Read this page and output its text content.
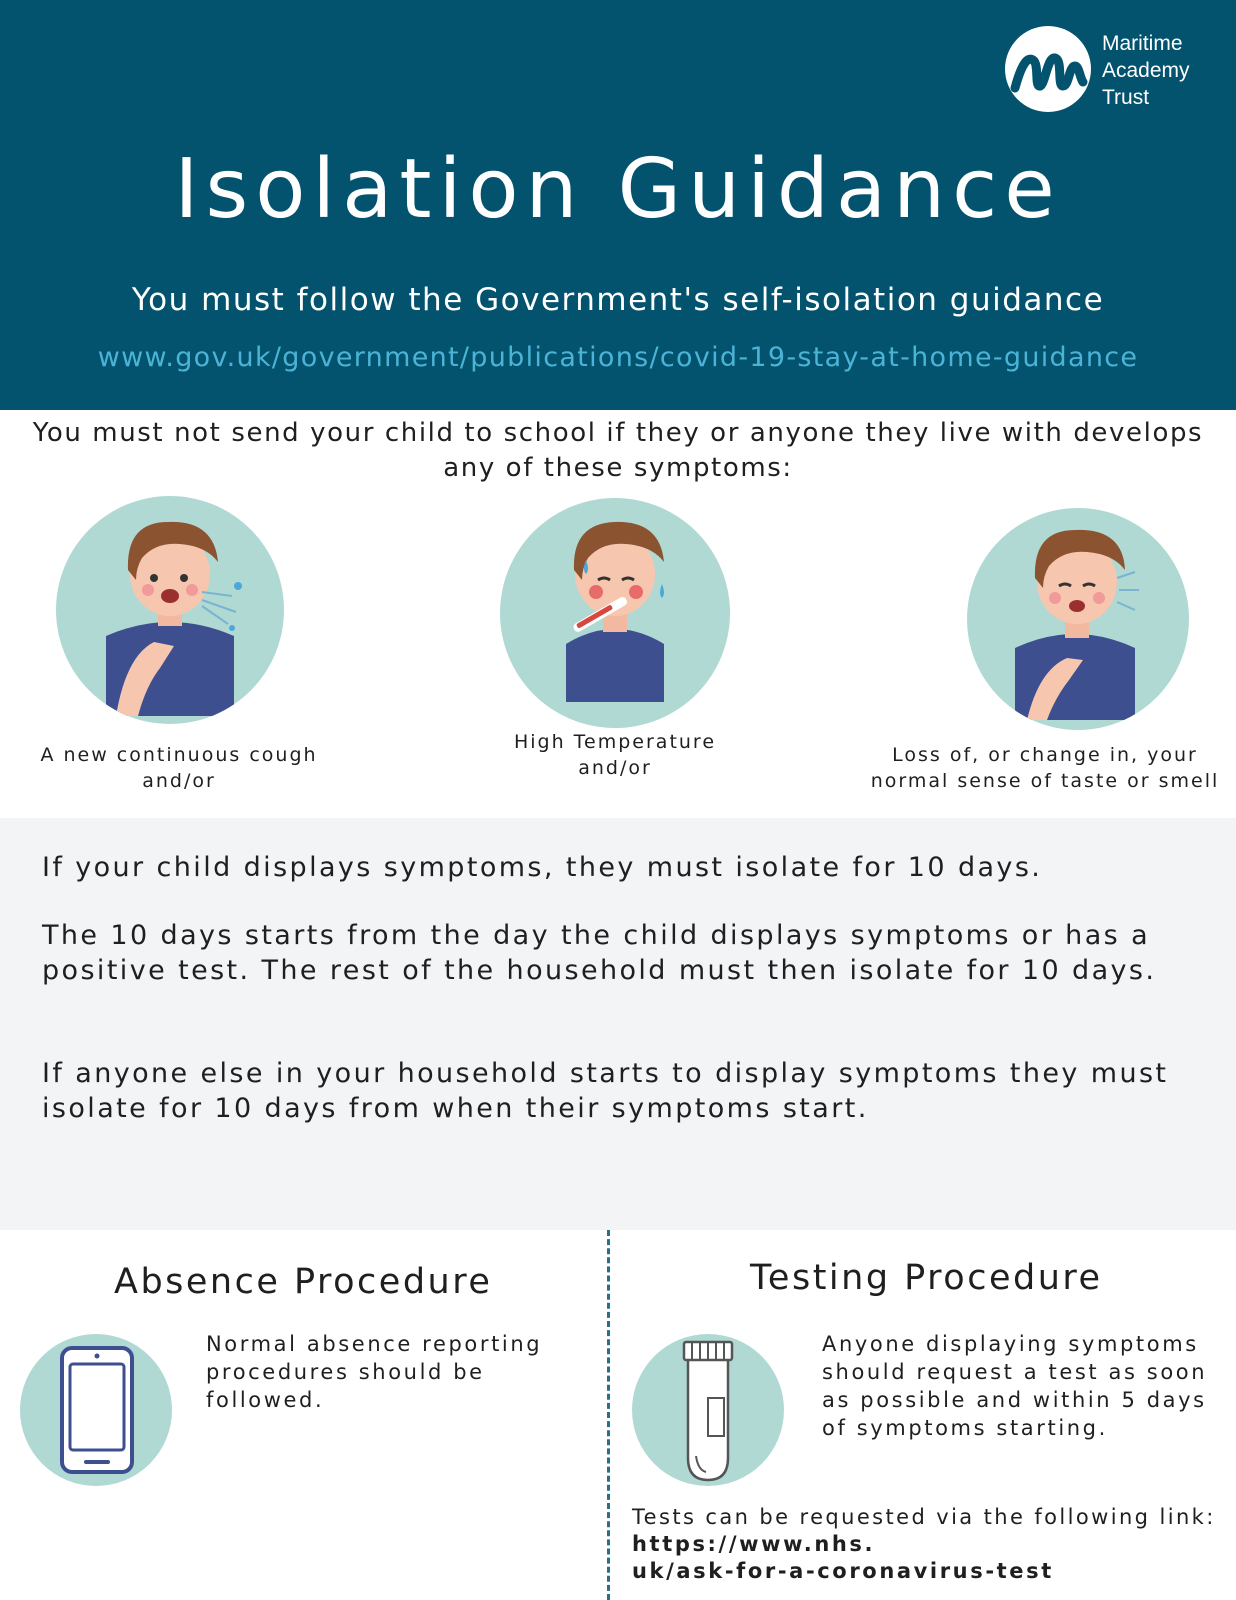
Maritime
Academy
Trust
Isolation Guidance
You must follow the Government's self-isolation guidance
www.gov.uk/government/publications/covid-19-stay-at-home-guidance
You must not send your child to school if they or anyone they live with develops
any of these symptoms:
A new continuous cough
and/or
High Temperature
and/or
Loss of, or change in, your
normal sense of taste or smell
If your child displays symptoms, they must isolate for 10 days.
The 10 days starts from the day the child displays symptoms or has a
positive test. The rest of the household must then isolate for 10 days.
If anyone else in your household starts to display symptoms they must
isolate for 10 days from when their symptoms start.
Absence Procedure
Normal absence reporting
procedures should be
followed.
Testing Procedure
Anyone displaying symptoms
should request a test as soon
as possible and within 5 days
of symptoms starting.
Tests can be requested via the following link:
https://www.nhs.
uk/ask-for-a-coronavirus-test
